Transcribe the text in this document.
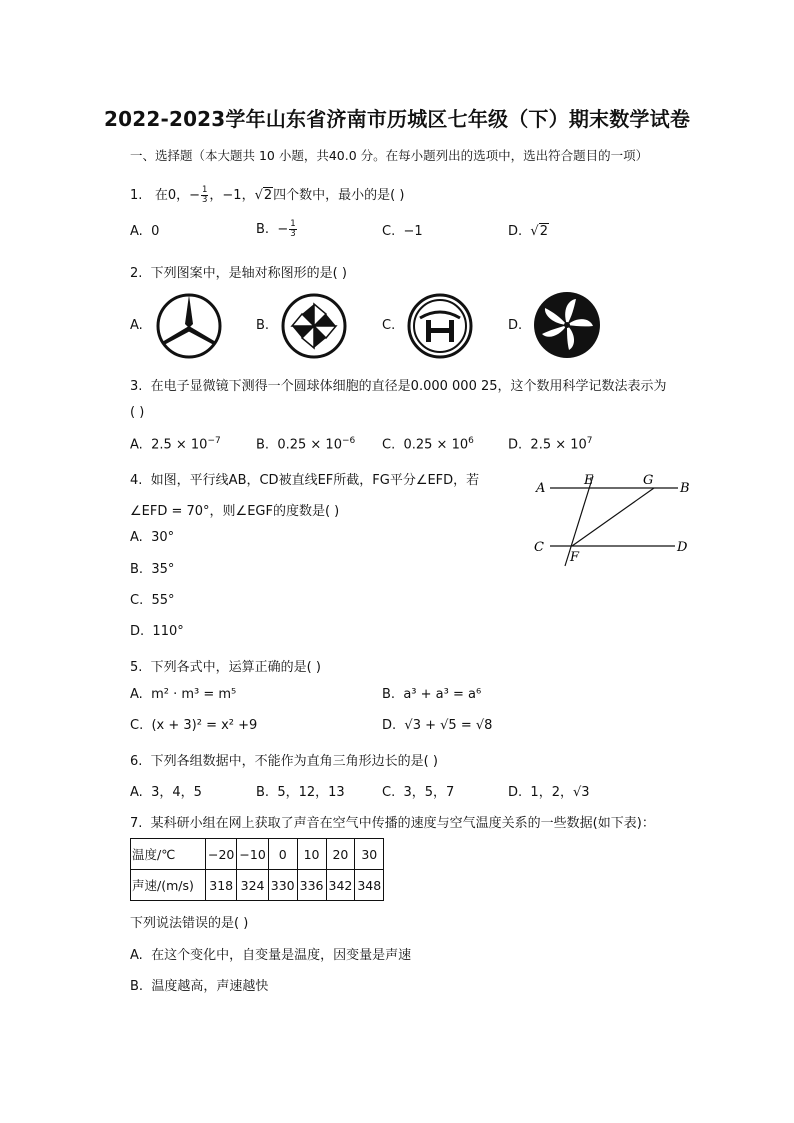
2022-2023学年山东省济南市历城区七年级（下）期末数学试卷
一、选择题（本大题共 10 小题，共40.0 分。在每小题列出的选项中，选出符合题目的一项）
1. 在0，− $\frac{1}{3}$ ，−1，√2四个数中，最小的是( )
A. 0	B. − $\frac{1}{3}$	C. −1	D. √2
2. 下列图案中，是轴对称图形的是( )
A.	B.	C.	D.
3. 在电子显微镜下测得一个圆球体细胞的直径是0.000 000 25，这个数用科学记数法表示为
( )
A. $2.5 \times 10^{-7}$	B. $0.25 \times 10^{-6}$ C. $0.25 \times 10^6$	D. $2.5 \times 10^7$
4. 如图，平行线AB，CD被直线EF所截，FG平分∠EFD，若
∠EFD = 70°，则∠EGF的度数是( )
A. 30°
B. 35°
C. 55°
D. 110°
A	B
C	D
E
F
G
5. 下列各式中，运算正确的是( )
A. m² · m³ = m⁵	B. a³ + a³ = a⁶
C. (x + 3)² = x² +9	D. √3 + √5 = √8
6. 下列各组数据中，不能作为直角三角形边长的是( )
A. 3，4，5	B. 5，12，13	C. 3，5，7	D. 1，2，√3
7. 某科研小组在网上获取了声音在空气中传播的速度与空气温度关系的一些数据(如下表)：
温度/℃	−20	−10	0	10	20	30
声速/(m/s)	318	324	330	336	342	348
下列说法错误的是( )
A. 在这个变化中，自变量是温度，因变量是声速
B. 温度越高，声速越快
